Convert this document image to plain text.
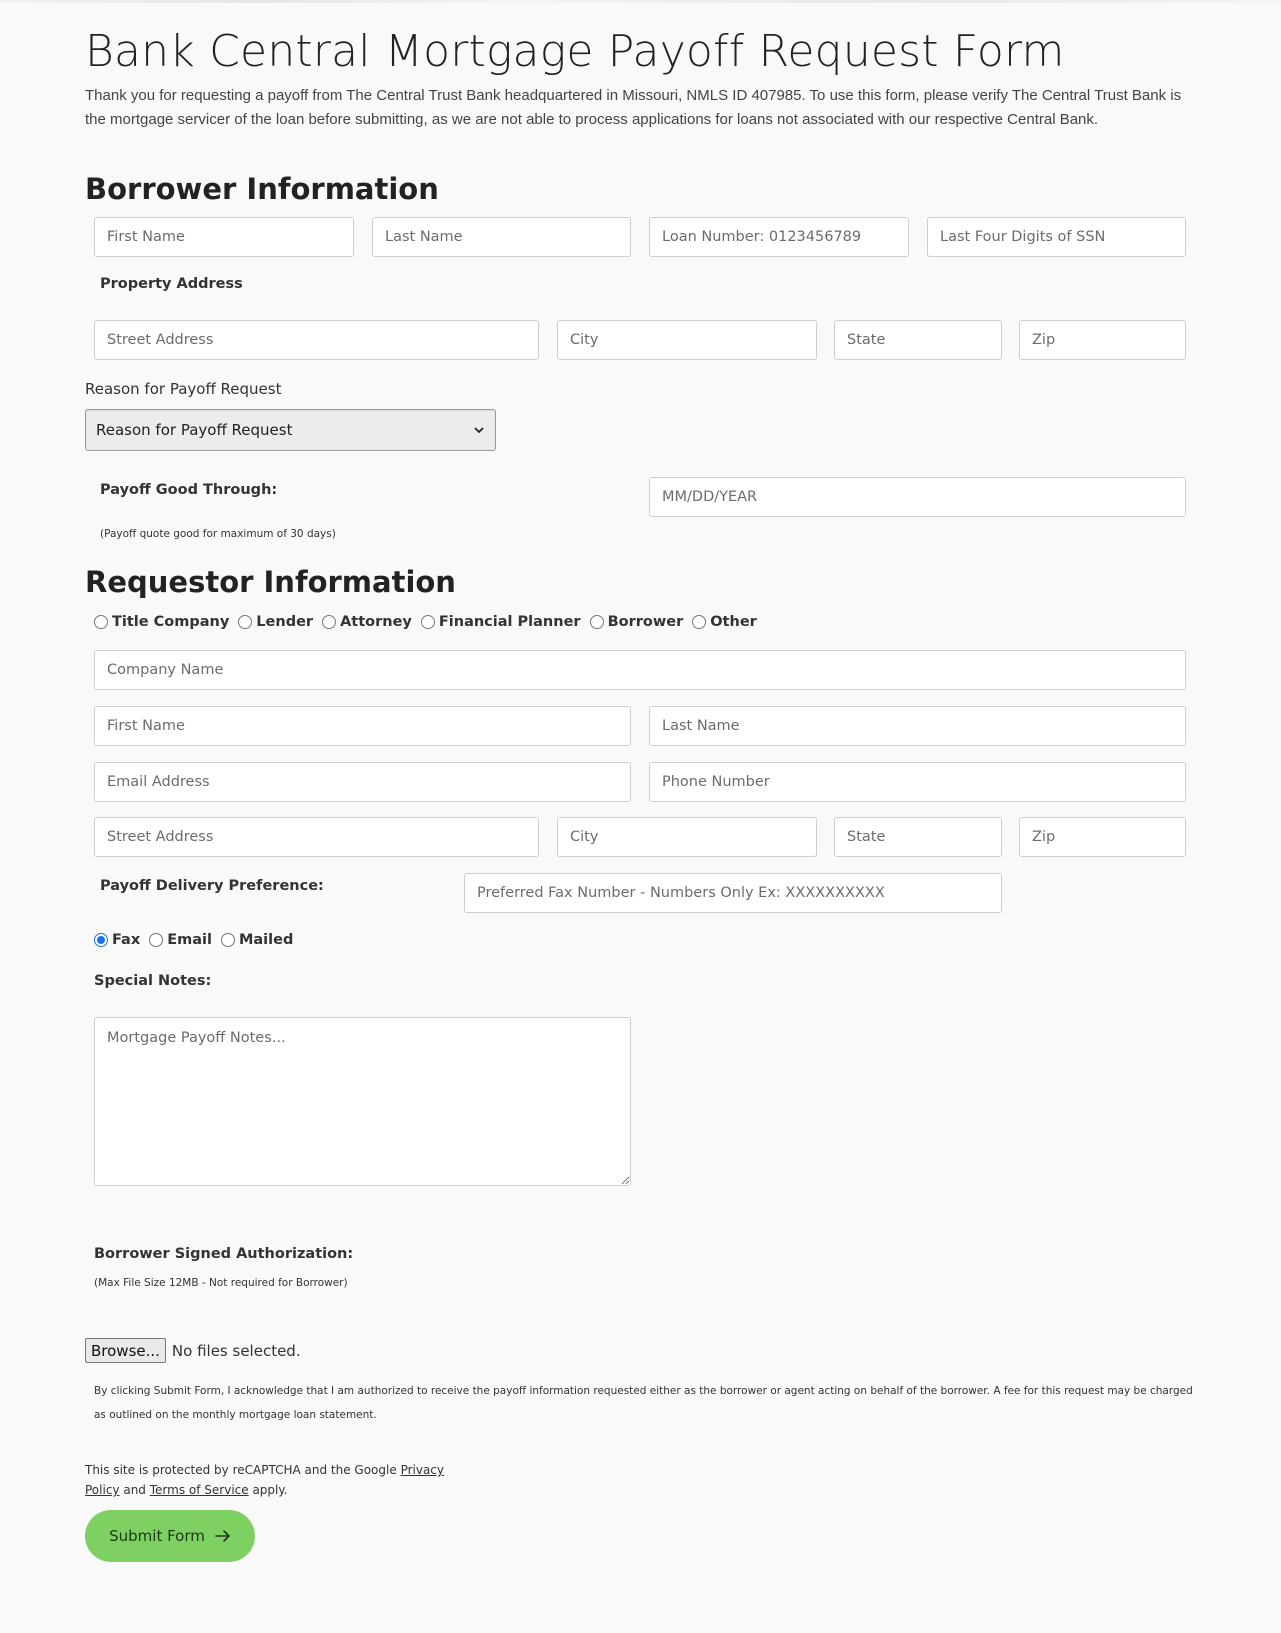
Bank Central Mortgage Payoff Request Form

Thank you for requesting a payoff from The Central Trust Bank headquartered in Missouri, NMLS ID 407985. To use this form, please verify The Central Trust Bank is the mortgage servicer of the loan before submitting, as we are not able to process applications for loans not associated with our respective Central Bank.

Borrower Information
First Name
Last Name
Loan Number: 0123456789
Last Four Digits of SSN
Property Address
Street Address
City
State
Zip
Reason for Payoff Request
Reason for Payoff Request
Payoff Good Through:
(Payoff quote good for maximum of 30 days)
MM/DD/YEAR
Requestor Information
Title Company Lender Attorney Financial Planner Borrower Other
Company Name
First Name
Last Name
Email Address
Phone Number
Street Address
City
State
Zip
Payoff Delivery Preference:
Preferred Fax Number - Numbers Only Ex: XXXXXXXXXX
Fax Email Mailed
Special Notes:
Mortgage Payoff Notes...
Borrower Signed Authorization:
(Max File Size 12MB - Not required for Borrower)
Browse... No files selected.

By clicking Submit Form, I acknowledge that I am authorized to receive the payoff information requested either as the borrower or agent acting on behalf of the borrower. A fee for this request may be charged as outlined on the monthly mortgage loan statement.

This site is protected by reCAPTCHA and the Google Privacy Policy and Terms of Service apply.

Submit Form
